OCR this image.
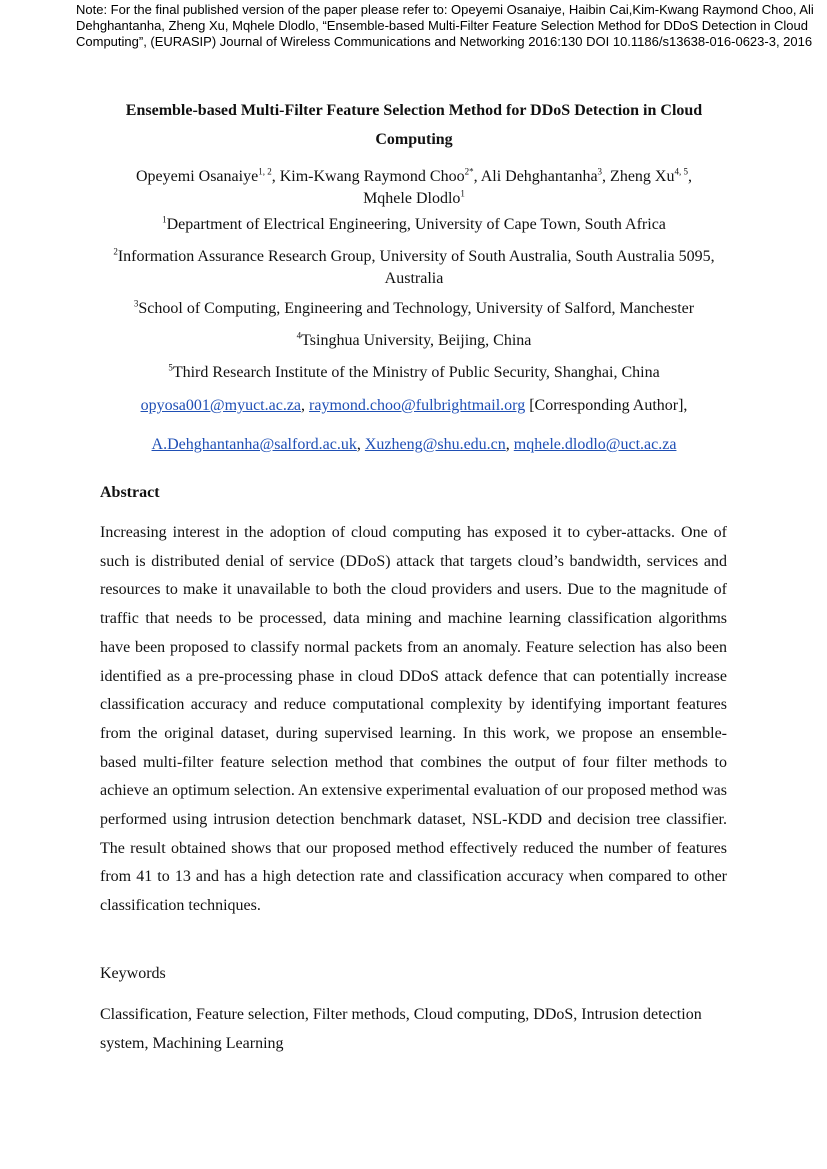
Note: For the final published version of the paper please refer to: Opeyemi Osanaiye, Haibin Cai,Kim-Kwang Raymond Choo, Ali Dehghantanha, Zheng Xu, Mqhele Dlodlo, “Ensemble-based Multi-Filter Feature Selection Method for DDoS Detection in Cloud Computing”, (EURASIP) Journal of Wireless Communications and Networking 2016:130 DOI 10.1186/s13638-016-0623-3, 2016
Ensemble-based Multi-Filter Feature Selection Method for DDoS Detection in Cloud Computing
Opeyemi Osanaiye$^{1, 2}$, Kim-Kwang Raymond Choo$^{2*}$, Ali Dehghantanha$^3$, Zheng Xu$^{4, 5}$,
Mqhele Dlodlo$^1$
$^1$Department of Electrical Engineering, University of Cape Town, South Africa
$^2$Information Assurance Research Group, University of South Australia, South Australia 5095, Australia
$^3$School of Computing, Engineering and Technology, University of Salford, Manchester
$^4$Tsinghua University, Beijing, China
$^5$Third Research Institute of the Ministry of Public Security, Shanghai, China
opyosa001@myuct.ac.za, raymond.choo@fulbrightmail.org [Corresponding Author],
A.Dehghantanha@salford.ac.uk, Xuzheng@shu.edu.cn, mqhele.dlodlo@uct.ac.za
Abstract

Increasing interest in the adoption of cloud computing has exposed it to cyber-attacks. One of such is distributed denial of service (DDoS) attack that targets cloud’s bandwidth, services and resources to make it unavailable to both the cloud providers and users. Due to the magnitude of traffic that needs to be processed, data mining and machine learning classification algorithms have been proposed to classify normal packets from an anomaly. Feature selection has also been identified as a pre-processing phase in cloud DDoS attack defence that can potentially increase classification accuracy and reduce computational complexity by identifying important features from the original dataset, during supervised learning. In this work, we propose an ensemble-based multi-filter feature selection method that combines the output of four filter methods to achieve an optimum selection. An extensive experimental evaluation of our proposed method was performed using intrusion detection benchmark dataset, NSL-KDD and decision tree classifier. The result obtained shows that our proposed method effectively reduced the number of features from 41 to 13 and has a high detection rate and classification accuracy when compared to other classification techniques.

Keywords

Classification, Feature selection, Filter methods, Cloud computing, DDoS, Intrusion detection system, Machining Learning
